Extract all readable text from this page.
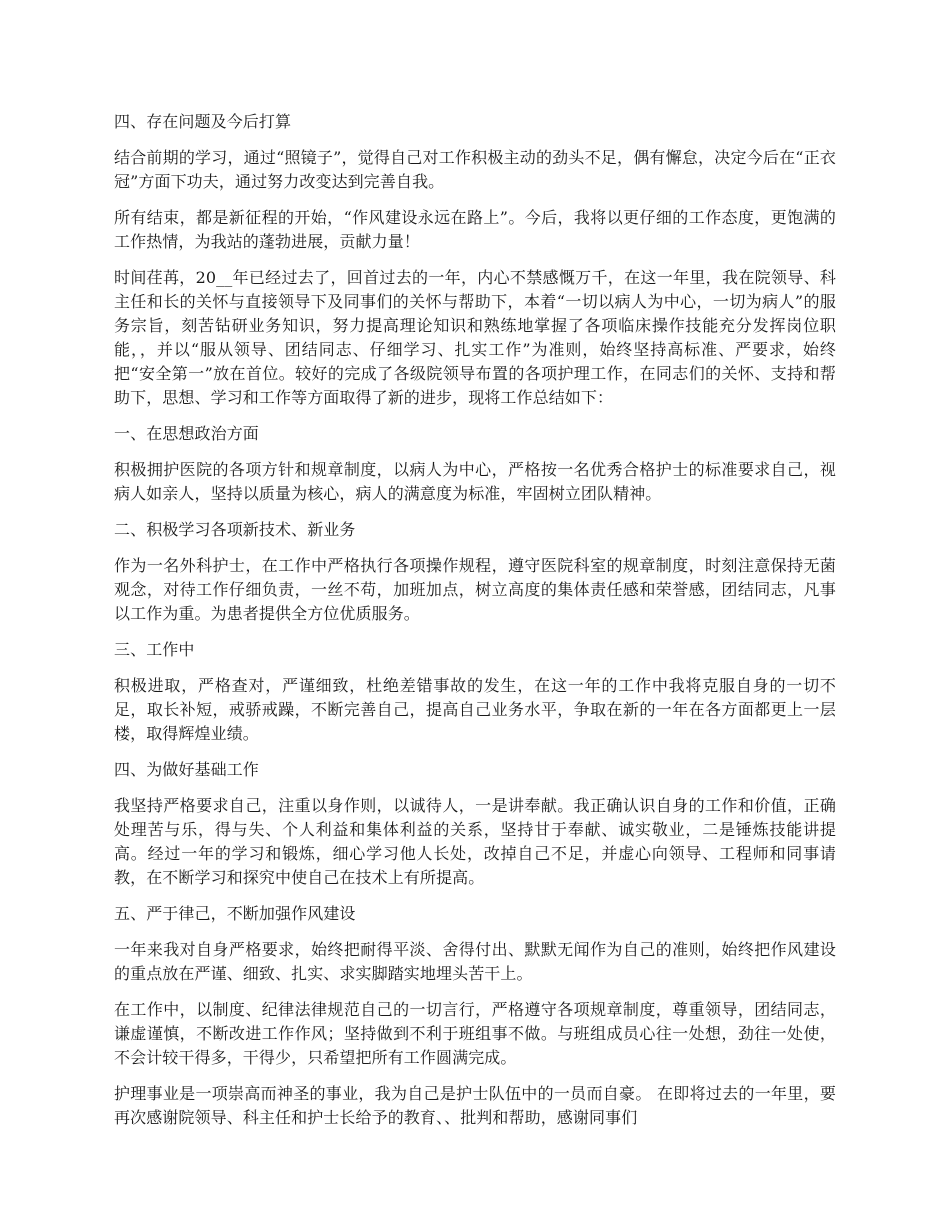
四、存在问题及今后打算

结合前期的学习，通过“照镜子”，觉得自己对工作积极主动的劲头不足，偶有懈怠，决定今后在“正衣冠”方面下功夫，通过努力改变达到完善自我。

所有结束，都是新征程的开始，“作风建设永远在路上”。今后，我将以更仔细的工作态度，更饱满的工作热情，为我站的蓬勃进展，贡献力量！

时间荏苒，20__年已经过去了，回首过去的一年，内心不禁感慨万千，在这一年里，我在院领导、科主任和长的关怀与直接领导下及同事们的关怀与帮助下，本着“一切以病人为中心，一切为病人”的服务宗旨，刻苦钻研业务知识，努力提高理论知识和熟练地掌握了各项临床操作技能充分发挥岗位职能，，并以“服从领导、团结同志、仔细学习、扎实工作”为准则，始终坚持高标准、严要求，始终把“安全第一”放在首位。较好的完成了各级院领导布置的各项护理工作，在同志们的关怀、支持和帮助下，思想、学习和工作等方面取得了新的进步，现将工作总结如下：

一、在思想政治方面

积极拥护医院的各项方针和规章制度，以病人为中心，严格按一名优秀合格护士的标准要求自己，视病人如亲人，坚持以质量为核心，病人的满意度为标准，牢固树立团队精神。

二、积极学习各项新技术、新业务

作为一名外科护士，在工作中严格执行各项操作规程，遵守医院科室的规章制度，时刻注意保持无菌观念，对待工作仔细负责，一丝不苟，加班加点，树立高度的集体责任感和荣誉感，团结同志，凡事以工作为重。为患者提供全方位优质服务。

三、工作中

积极进取，严格查对，严谨细致，杜绝差错事故的发生，在这一年的工作中我将克服自身的一切不足，取长补短，戒骄戒躁，不断完善自己，提高自己业务水平，争取在新的一年在各方面都更上一层楼，取得辉煌业绩。

四、为做好基础工作

我坚持严格要求自己，注重以身作则，以诚待人，一是讲奉献。我正确认识自身的工作和价值，正确处理苦与乐，得与失、个人利益和集体利益的关系，坚持甘于奉献、诚实敬业，二是锤炼技能讲提高。经过一年的学习和锻炼，细心学习他人长处，改掉自己不足，并虚心向领导、工程师和同事请教，在不断学习和探究中使自己在技术上有所提高。

五、严于律己，不断加强作风建设

一年来我对自身严格要求，始终把耐得平淡、舍得付出、默默无闻作为自己的准则，始终把作风建设的重点放在严谨、细致、扎实、求实脚踏实地埋头苦干上。

在工作中，以制度、纪律法律规范自己的一切言行，严格遵守各项规章制度，尊重领导，团结同志，谦虚谨慎，不断改进工作作风；坚持做到不利于班组事不做。与班组成员心往一处想，劲往一处使，不会计较干得多，干得少，只希望把所有工作圆满完成。

护理事业是一项崇高而神圣的事业，我为自己是护士队伍中的一员而自豪。 在即将过去的一年里，要再次感谢院领导、科主任和护士长给予的教育、、批判和帮助，感谢同事们
